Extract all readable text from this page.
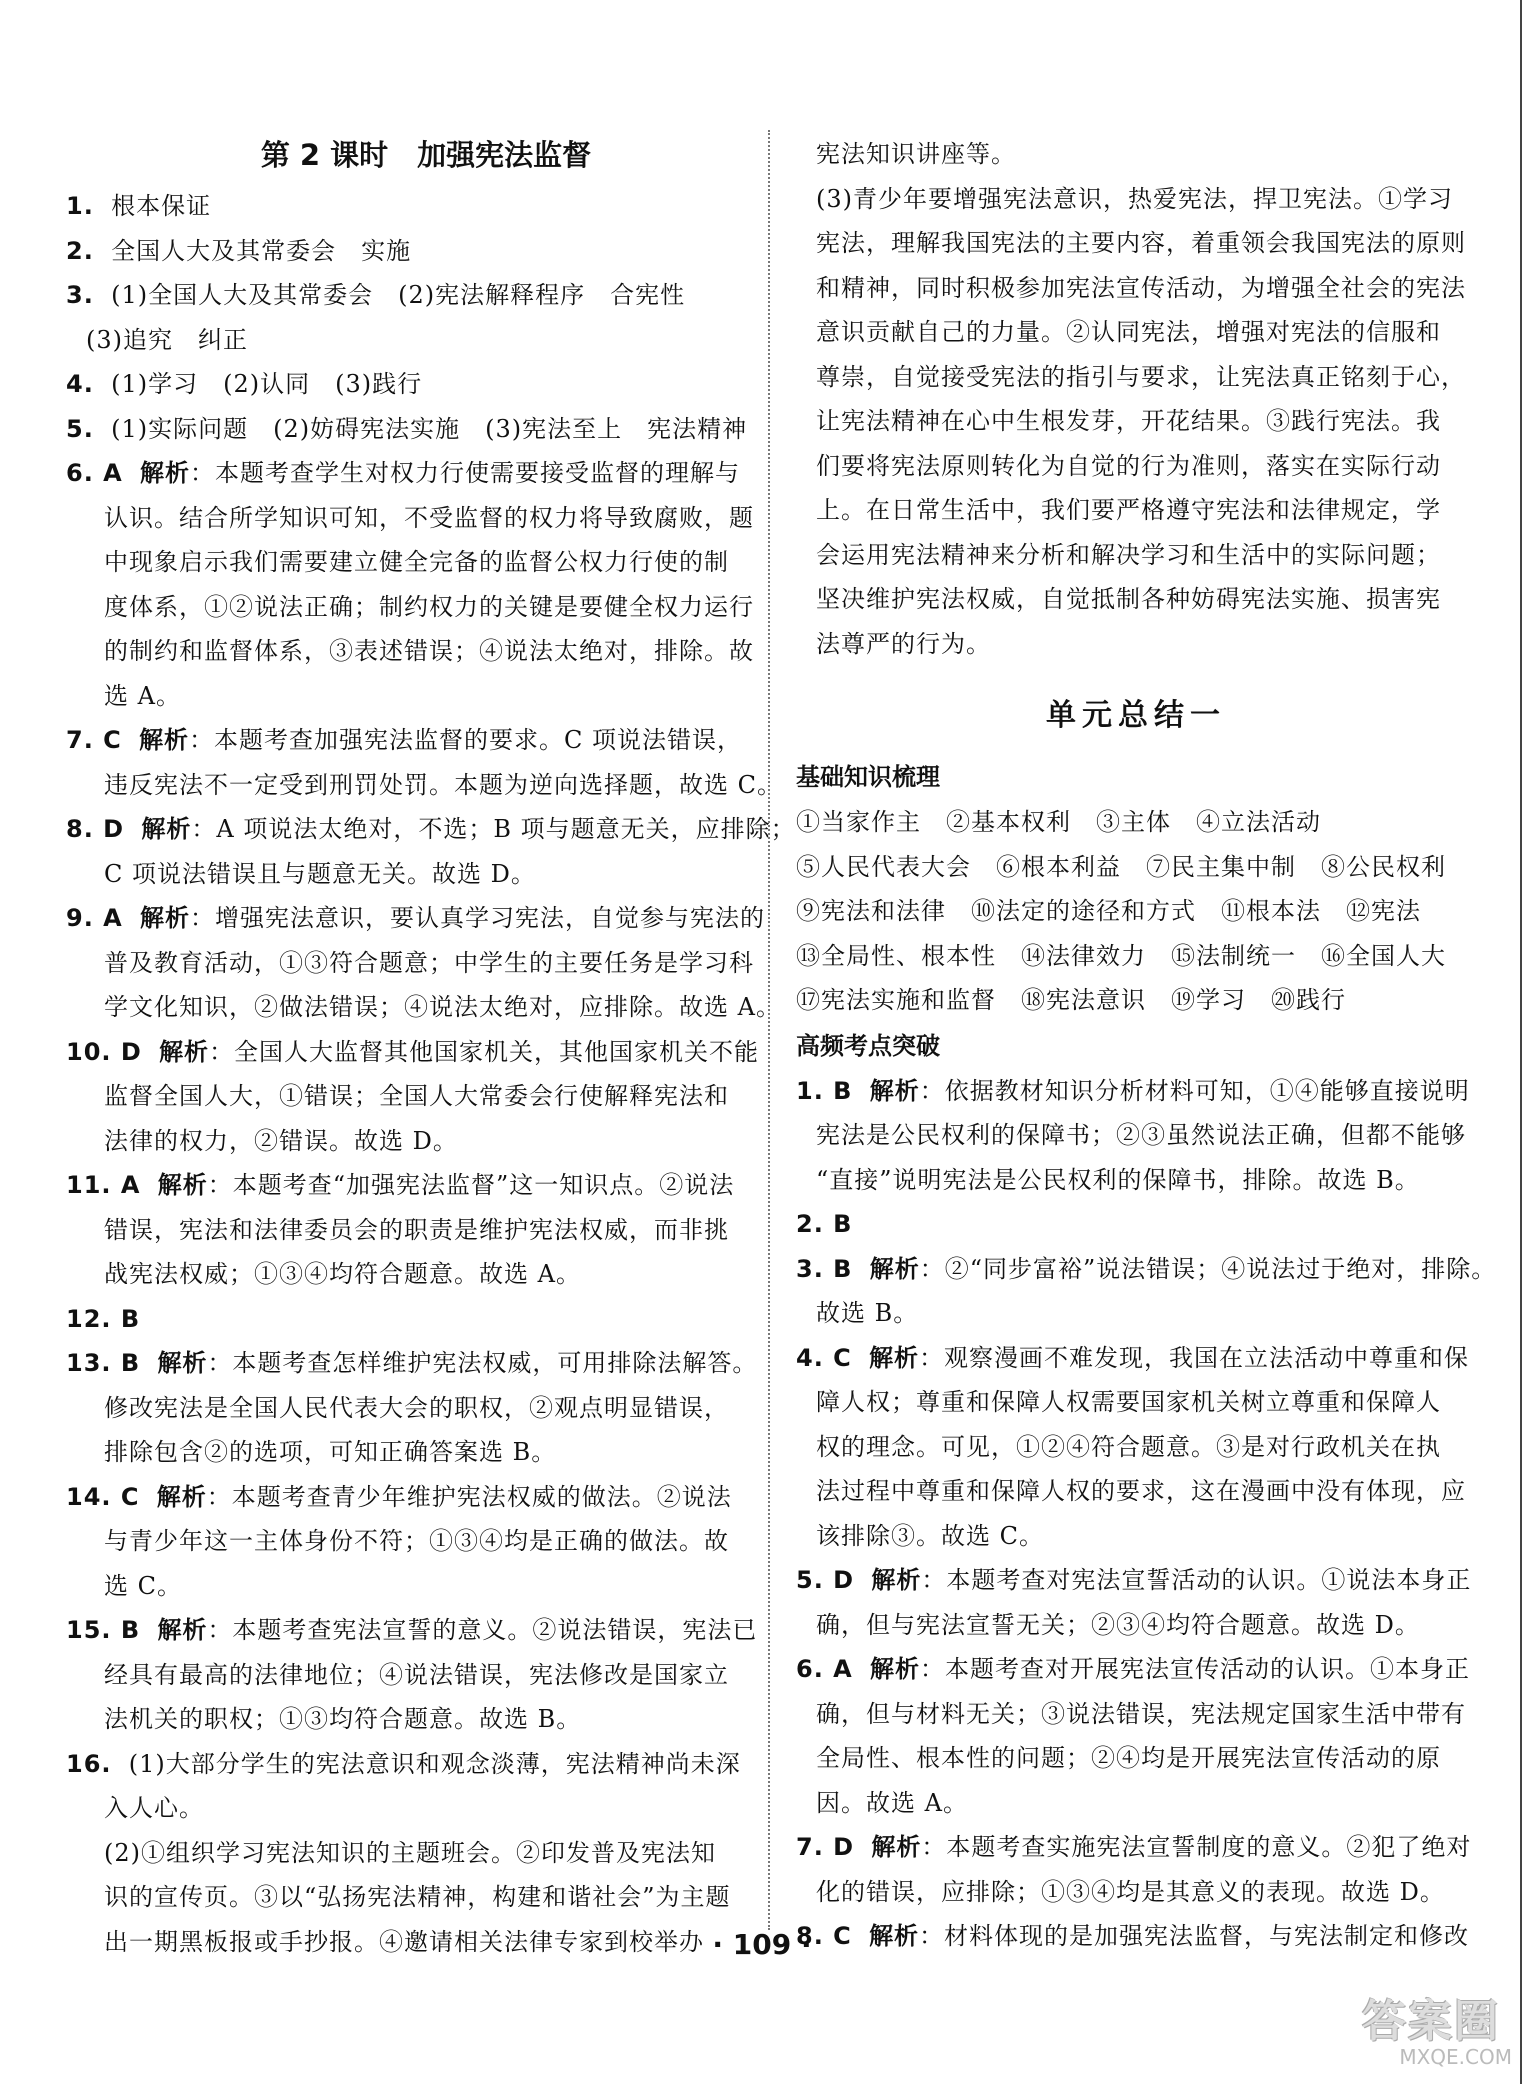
第 2 课时　加强宪法监督
1. 根本保证
2. 全国人大及其常委会　实施
3. (1)全国人大及其常委会　(2)宪法解释程序　合宪性
(3)追究　纠正
4. (1)学习　(2)认同　(3)践行
5. (1)实际问题　(2)妨碍宪法实施　(3)宪法至上　宪法精神
6. A 解析：本题考查学生对权力行使需要接受监督的理解与
认识。结合所学知识可知，不受监督的权力将导致腐败，题
中现象启示我们需要建立健全完备的监督公权力行使的制
度体系，①②说法正确；制约权力的关键是要健全权力运行
的制约和监督体系，③表述错误；④说法太绝对，排除。故
选 A。
7. C 解析：本题考查加强宪法监督的要求。C 项说法错误，
违反宪法不一定受到刑罚处罚。本题为逆向选择题，故选 C。
8. D 解析：A 项说法太绝对，不选；B 项与题意无关，应排除；
C 项说法错误且与题意无关。故选 D。
9. A 解析：增强宪法意识，要认真学习宪法，自觉参与宪法的
普及教育活动，①③符合题意；中学生的主要任务是学习科
学文化知识，②做法错误；④说法太绝对，应排除。故选 A。
10. D 解析：全国人大监督其他国家机关，其他国家机关不能
监督全国人大，①错误；全国人大常委会行使解释宪法和
法律的权力，②错误。故选 D。
11. A 解析：本题考查“加强宪法监督”这一知识点。②说法
错误，宪法和法律委员会的职责是维护宪法权威，而非挑
战宪法权威；①③④均符合题意。故选 A。
12. B
13. B 解析：本题考查怎样维护宪法权威，可用排除法解答。
修改宪法是全国人民代表大会的职权，②观点明显错误，
排除包含②的选项，可知正确答案选 B。
14. C 解析：本题考查青少年维护宪法权威的做法。②说法
与青少年这一主体身份不符；①③④均是正确的做法。故
选 C。
15. B 解析：本题考查宪法宣誓的意义。②说法错误，宪法已
经具有最高的法律地位；④说法错误，宪法修改是国家立
法机关的职权；①③均符合题意。故选 B。
16. (1)大部分学生的宪法意识和观念淡薄，宪法精神尚未深
入人心。
(2)①组织学习宪法知识的主题班会。②印发普及宪法知
识的宣传页。③以“弘扬宪法精神，构建和谐社会”为主题
出一期黑板报或手抄报。④邀请相关法律专家到校举办
宪法知识讲座等。
(3)青少年要增强宪法意识，热爱宪法，捍卫宪法。①学习
宪法，理解我国宪法的主要内容，着重领会我国宪法的原则
和精神，同时积极参加宪法宣传活动，为增强全社会的宪法
意识贡献自己的力量。②认同宪法，增强对宪法的信服和
尊崇，自觉接受宪法的指引与要求，让宪法真正铭刻于心，
让宪法精神在心中生根发芽，开花结果。③践行宪法。我
们要将宪法原则转化为自觉的行为准则，落实在实际行动
上。在日常生活中，我们要严格遵守宪法和法律规定，学
会运用宪法精神来分析和解决学习和生活中的实际问题；
坚决维护宪法权威，自觉抵制各种妨碍宪法实施、损害宪
法尊严的行为。
单元总结一
基础知识梳理
①当家作主　②基本权利　③主体　④立法活动
⑤人民代表大会　⑥根本利益　⑦民主集中制　⑧公民权利
⑨宪法和法律　⑩法定的途径和方式　⑪根本法　⑫宪法
⑬全局性、根本性　⑭法律效力　⑮法制统一　⑯全国人大
⑰宪法实施和监督　⑱宪法意识　⑲学习　⑳践行
高频考点突破
1. B 解析：依据教材知识分析材料可知，①④能够直接说明
宪法是公民权利的保障书；②③虽然说法正确，但都不能够
“直接”说明宪法是公民权利的保障书，排除。故选 B。
2. B
3. B 解析：②“同步富裕”说法错误；④说法过于绝对，排除。
故选 B。
4. C 解析：观察漫画不难发现，我国在立法活动中尊重和保
障人权；尊重和保障人权需要国家机关树立尊重和保障人
权的理念。可见，①②④符合题意。③是对行政机关在执
法过程中尊重和保障人权的要求，这在漫画中没有体现，应
该排除③。故选 C。
5. D 解析：本题考查对宪法宣誓活动的认识。①说法本身正
确，但与宪法宣誓无关；②③④均符合题意。故选 D。
6. A 解析：本题考查对开展宪法宣传活动的认识。①本身正
确，但与材料无关；③说法错误，宪法规定国家生活中带有
全局性、根本性的问题；②④均是开展宪法宣传活动的原
因。故选 A。
7. D 解析：本题考查实施宪法宣誓制度的意义。②犯了绝对
化的错误，应排除；①③④均是其意义的表现。故选 D。
8. C 解析：材料体现的是加强宪法监督，与宪法制定和修改
· 109 ·
答案圈
MXQE.COM
